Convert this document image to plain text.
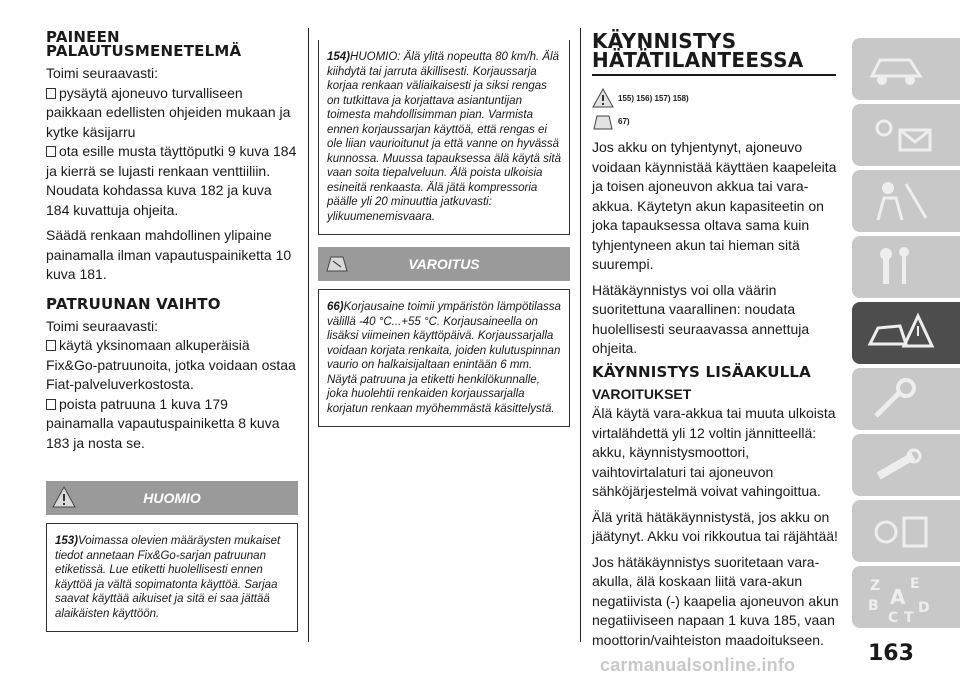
PAINEEN PALAUTUSMENETELMÄ

Toimi seuraavasti:

pysäytä ajoneuvo turvalliseen paikkaan edellisten ohjeiden mukaan ja kytke käsijarru

ota esille musta täyttöputki 9 kuva 184 ja kierrä se lujasti renkaan venttiiliin. Noudata kohdassa kuva 182 ja kuva 184 kuvattuja ohjeita.

Säädä renkaan mahdollinen ylipaine painamalla ilman vapautuspainiketta 10 kuva 181.

PATRUUNAN VAIHTO

Toimi seuraavasti:

käytä yksinomaan alkuperäisiä Fix&Go-patruunoita, jotka voidaan ostaa Fiat-palveluverkostosta.

poista patruuna 1 kuva 179 painamalla vapautuspainiketta 8 kuva 183 ja nosta se.

HUOMIO
153)Voimassa olevien määräysten mukaiset tiedot annetaan Fix&Go-sarjan patruunan etiketissä. Lue etiketti huolellisesti ennen käyttöä ja vältä sopimatonta käyttöä. Sarjaa saavat käyttää aikuiset ja sitä ei saa jättää alaikäisten käyttöön.
154)HUOMIO: Älä ylitä nopeutta 80 km/h. Älä kiihdytä tai jarruta äkillisesti. Korjaussarja korjaa renkaan väliaikaisesti ja siksi rengas on tutkittava ja korjattava asiantuntijan toimesta mahdollisimman pian. Varmista ennen korjaussarjan käyttöä, että rengas ei ole liian vaurioitunut ja että vanne on hyvässä kunnossa. Muussa tapauksessa älä käytä sitä vaan soita tiepalveluun. Älä poista ulkoisia esineitä renkaasta. Älä jätä kompressoria päälle yli 20 minuuttia jatkuvasti: ylikuumenemisvaara.
VAROITUS
66)Korjausaine toimii ympäristön lämpötilassa välillä -40 °C...+55 °C. Korjausaineella on lisäksi viimeinen käyttöpäivä. Korjaussarjalla voidaan korjata renkaita, joiden kulutuspinnan vaurio on halkaisijaltaan enintään 6 mm. Näytä patruuna ja etiketti henkilökunnalle, joka huolehtii renkaiden korjaussarjalla korjatun renkaan myöhemmästä käsittelystä.
KÄYNNISTYS HÄTÄTILANTEESSA
155) 156) 157) 158)
67)

Jos akku on tyhjentynyt, ajoneuvo voidaan käynnistää käyttäen kaapeleita ja toisen ajoneuvon akkua tai vara-akkua. Käytetyn akun kapasiteetin on joka tapauksessa oltava sama kuin tyhjentyneen akun tai hieman sitä suurempi.

Hätäkäynnistys voi olla väärin suoritettuna vaarallinen: noudata huolellisesti seuraavassa annettuja ohjeita.

KÄYNNISTYS LISÄAKULLA

VAROITUKSET

Älä käytä vara-akkua tai muuta ulkoista virtalähdettä yli 12 voltin jännitteellä: akku, käynnistysmoottori, vaihtovirtalaturi tai ajoneuvon sähköjärjestelmä voivat vahingoittua.

Älä yritä hätäkäynnistystä, jos akku on jäätynyt. Akku voi rikkoutua tai räjähtää!

Jos hätäkäynnistys suoritetaan vara-akulla, älä koskaan liitä vara-akun negatiivista (-) kaapelia ajoneuvon akun negatiiviseen napaan 1 kuva 185, vaan moottorin/vaihteiston maadoitukseen.

Z E
B A D
C T
163
carmanualsonline.info
